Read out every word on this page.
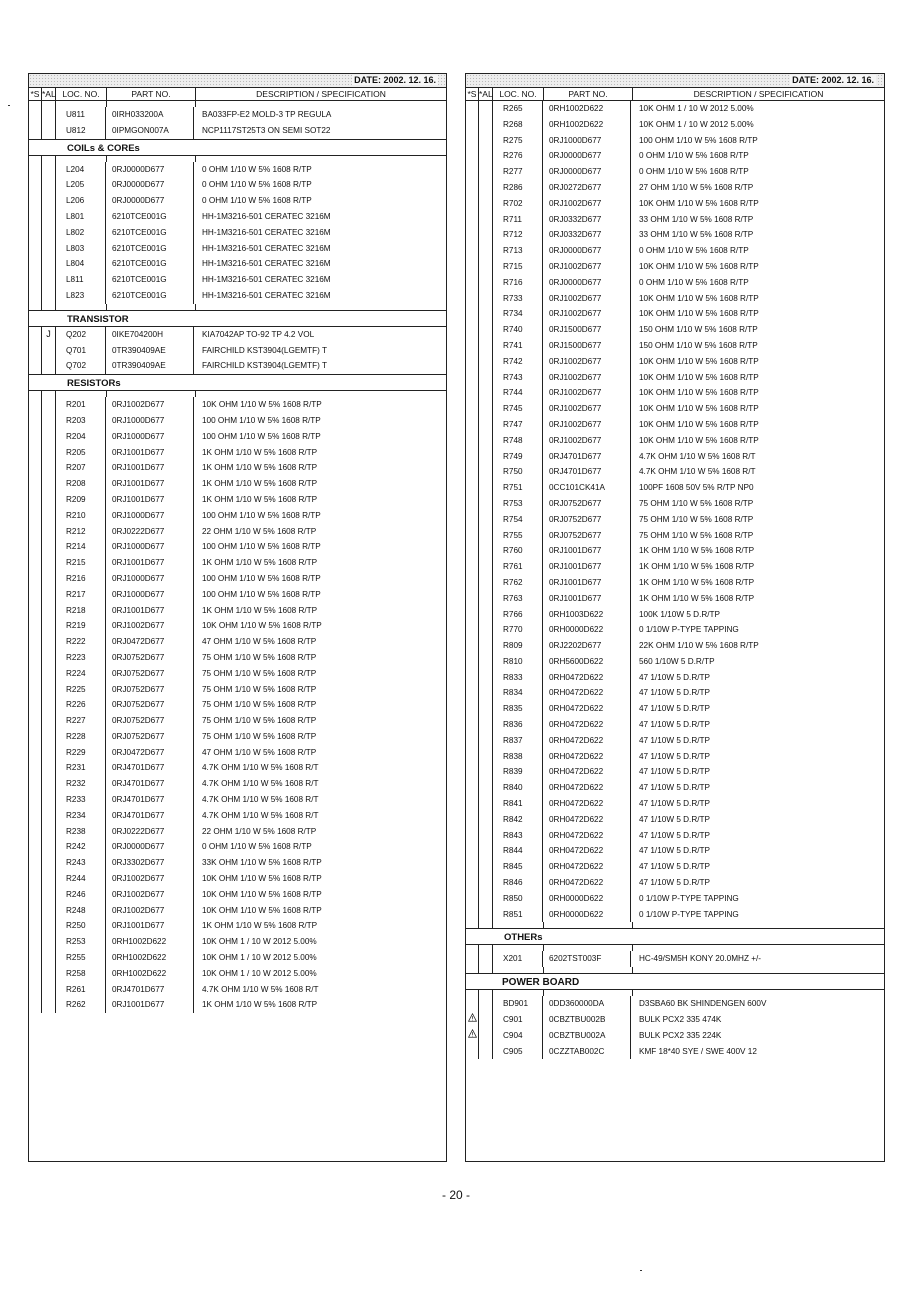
DATE: 2002. 12. 16.
*S *AL LOC. NO.	PART NO.	DESCRIPTION / SPECIFICATION
U811	0IRH033200A	BA033FP-E2 MOLD-3 TP REGULA
U812	0IPMGON007A	NCP1117ST25T3 ON SEMI SOT22
COILs & COREs
L204	0RJ0000D677	0 OHM 1/10 W 5% 1608 R/TP
L205	0RJ0000D677	0 OHM 1/10 W 5% 1608 R/TP
L206	0RJ0000D677	0 OHM 1/10 W 5% 1608 R/TP
L801	6210TCE001G	HH-1M3216-501 CERATEC 3216M
L802	6210TCE001G	HH-1M3216-501 CERATEC 3216M
L803	6210TCE001G	HH-1M3216-501 CERATEC 3216M
L804	6210TCE001G	HH-1M3216-501 CERATEC 3216M
L811	6210TCE001G	HH-1M3216-501 CERATEC 3216M
L823	6210TCE001G	HH-1M3216-501 CERATEC 3216M
TRANSISTOR
J	Q202	0IKE704200H	KIA7042AP TO-92 TP 4.2 VOL
Q701	0TR390409AE	FAIRCHILD KST3904(LGEMTF) T
Q702	0TR390409AE	FAIRCHILD KST3904(LGEMTF) T
RESISTORs
R201	0RJ1002D677	10K OHM 1/10 W 5% 1608 R/TP
R203	0RJ1000D677	100 OHM 1/10 W 5% 1608 R/TP
R204	0RJ1000D677	100 OHM 1/10 W 5% 1608 R/TP
R205	0RJ1001D677	1K OHM 1/10 W 5% 1608 R/TP
R207	0RJ1001D677	1K OHM 1/10 W 5% 1608 R/TP
R208	0RJ1001D677	1K OHM 1/10 W 5% 1608 R/TP
R209	0RJ1001D677	1K OHM 1/10 W 5% 1608 R/TP
R210	0RJ1000D677	100 OHM 1/10 W 5% 1608 R/TP
R212	0RJ0222D677	22 OHM 1/10 W 5% 1608 R/TP
R214	0RJ1000D677	100 OHM 1/10 W 5% 1608 R/TP
R215	0RJ1001D677	1K OHM 1/10 W 5% 1608 R/TP
R216	0RJ1000D677	100 OHM 1/10 W 5% 1608 R/TP
R217	0RJ1000D677	100 OHM 1/10 W 5% 1608 R/TP
R218	0RJ1001D677	1K OHM 1/10 W 5% 1608 R/TP
R219	0RJ1002D677	10K OHM 1/10 W 5% 1608 R/TP
R222	0RJ0472D677	47 OHM 1/10 W 5% 1608 R/TP
R223	0RJ0752D677	75 OHM 1/10 W 5% 1608 R/TP
R224	0RJ0752D677	75 OHM 1/10 W 5% 1608 R/TP
R225	0RJ0752D677	75 OHM 1/10 W 5% 1608 R/TP
R226	0RJ0752D677	75 OHM 1/10 W 5% 1608 R/TP
R227	0RJ0752D677	75 OHM 1/10 W 5% 1608 R/TP
R228	0RJ0752D677	75 OHM 1/10 W 5% 1608 R/TP
R229	0RJ0472D677	47 OHM 1/10 W 5% 1608 R/TP
R231	0RJ4701D677	4.7K OHM 1/10 W 5% 1608 R/T
R232	0RJ4701D677	4.7K OHM 1/10 W 5% 1608 R/T
R233	0RJ4701D677	4.7K OHM 1/10 W 5% 1608 R/T
R234	0RJ4701D677	4.7K OHM 1/10 W 5% 1608 R/T
R238	0RJ0222D677	22 OHM 1/10 W 5% 1608 R/TP
R242	0RJ0000D677	0 OHM 1/10 W 5% 1608 R/TP
R243	0RJ3302D677	33K OHM 1/10 W 5% 1608 R/TP
R244	0RJ1002D677	10K OHM 1/10 W 5% 1608 R/TP
R246	0RJ1002D677	10K OHM 1/10 W 5% 1608 R/TP
R248	0RJ1002D677	10K OHM 1/10 W 5% 1608 R/TP
R250	0RJ1001D677	1K OHM 1/10 W 5% 1608 R/TP
R253	0RH1002D622	10K OHM 1 / 10 W 2012 5.00%
R255	0RH1002D622	10K OHM 1 / 10 W 2012 5.00%
R258	0RH1002D622	10K OHM 1 / 10 W 2012 5.00%
R261	0RJ4701D677	4.7K OHM 1/10 W 5% 1608 R/T
R262	0RJ1001D677	1K OHM 1/10 W 5% 1608 R/TP
DATE: 2002. 12. 16.
*S *AL LOC. NO.	PART NO.	DESCRIPTION / SPECIFICATION
R265	0RH1002D622	10K OHM 1 / 10 W 2012 5.00%
R268	0RH1002D622	10K OHM 1 / 10 W 2012 5.00%
R275	0RJ1000D677	100 OHM 1/10 W 5% 1608 R/TP
R276	0RJ0000D677	0 OHM 1/10 W 5% 1608 R/TP
R277	0RJ0000D677	0 OHM 1/10 W 5% 1608 R/TP
R286	0RJ0272D677	27 OHM 1/10 W 5% 1608 R/TP
R702	0RJ1002D677	10K OHM 1/10 W 5% 1608 R/TP
R711	0RJ0332D677	33 OHM 1/10 W 5% 1608 R/TP
R712	0RJ0332D677	33 OHM 1/10 W 5% 1608 R/TP
R713	0RJ0000D677	0 OHM 1/10 W 5% 1608 R/TP
R715	0RJ1002D677	10K OHM 1/10 W 5% 1608 R/TP
R716	0RJ0000D677	0 OHM 1/10 W 5% 1608 R/TP
R733	0RJ1002D677	10K OHM 1/10 W 5% 1608 R/TP
R734	0RJ1002D677	10K OHM 1/10 W 5% 1608 R/TP
R740	0RJ1500D677	150 OHM 1/10 W 5% 1608 R/TP
R741	0RJ1500D677	150 OHM 1/10 W 5% 1608 R/TP
R742	0RJ1002D677	10K OHM 1/10 W 5% 1608 R/TP
R743	0RJ1002D677	10K OHM 1/10 W 5% 1608 R/TP
R744	0RJ1002D677	10K OHM 1/10 W 5% 1608 R/TP
R745	0RJ1002D677	10K OHM 1/10 W 5% 1608 R/TP
R747	0RJ1002D677	10K OHM 1/10 W 5% 1608 R/TP
R748	0RJ1002D677	10K OHM 1/10 W 5% 1608 R/TP
R749	0RJ4701D677	4.7K OHM 1/10 W 5% 1608 R/T
R750	0RJ4701D677	4.7K OHM 1/10 W 5% 1608 R/T
R751	0CC101CK41A	100PF 1608 50V 5% R/TP NP0
R753	0RJ0752D677	75 OHM 1/10 W 5% 1608 R/TP
R754	0RJ0752D677	75 OHM 1/10 W 5% 1608 R/TP
R755	0RJ0752D677	75 OHM 1/10 W 5% 1608 R/TP
R760	0RJ1001D677	1K OHM 1/10 W 5% 1608 R/TP
R761	0RJ1001D677	1K OHM 1/10 W 5% 1608 R/TP
R762	0RJ1001D677	1K OHM 1/10 W 5% 1608 R/TP
R763	0RJ1001D677	1K OHM 1/10 W 5% 1608 R/TP
R766	0RH1003D622	100K 1/10W 5 D.R/TP
R770	0RH0000D622	0 1/10W P-TYPE TAPPING
R809	0RJ2202D677	22K OHM 1/10 W 5% 1608 R/TP
R810	0RH5600D622	560 1/10W 5 D.R/TP
R833	0RH0472D622	47 1/10W 5 D.R/TP
R834	0RH0472D622	47 1/10W 5 D.R/TP
R835	0RH0472D622	47 1/10W 5 D.R/TP
R836	0RH0472D622	47 1/10W 5 D.R/TP
R837	0RH0472D622	47 1/10W 5 D.R/TP
R838	0RH0472D622	47 1/10W 5 D.R/TP
R839	0RH0472D622	47 1/10W 5 D.R/TP
R840	0RH0472D622	47 1/10W 5 D.R/TP
R841	0RH0472D622	47 1/10W 5 D.R/TP
R842	0RH0472D622	47 1/10W 5 D.R/TP
R843	0RH0472D622	47 1/10W 5 D.R/TP
R844	0RH0472D622	47 1/10W 5 D.R/TP
R845	0RH0472D622	47 1/10W 5 D.R/TP
R846	0RH0472D622	47 1/10W 5 D.R/TP
R850	0RH0000D622	0 1/10W P-TYPE TAPPING
R851	0RH0000D622	0 1/10W P-TYPE TAPPING
OTHERs
X201	6202TST003F	HC-49/SM5H KONY 20.0MHZ +/-
POWER BOARD
BD901	0DD360000DA	D3SBA60 BK SHINDENGEN 600V
C901	0CBZTBU002B	BULK PCX2 335 474K
C904	0CBZTBU002A	BULK PCX2 335 224K
C905	0CZZTAB002C	KMF 18*40 SYE / SWE 400V 12
- 20 -
